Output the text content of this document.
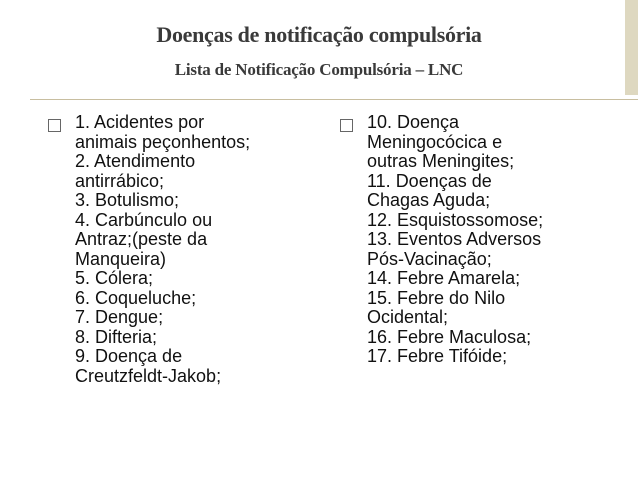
Doenças de notificação compulsória
Lista de Notificação Compulsória – LNC
1. Acidentes por
animais peçonhentos;
2. Atendimento
antirrábico;
3. Botulismo;
4. Carbúnculo ou
Antraz;(peste da
Manqueira)
5. Cólera;
6. Coqueluche;
7. Dengue;
8. Difteria;
9. Doença de
Creutzfeldt-Jakob;
10. Doença
Meningocócica e
outras Meningites;
11. Doenças de
Chagas Aguda;
12. Esquistossomose;
13. Eventos Adversos
Pós-Vacinação;
14. Febre Amarela;
15. Febre do Nilo
Ocidental;
16. Febre Maculosa;
17. Febre Tifóide;
